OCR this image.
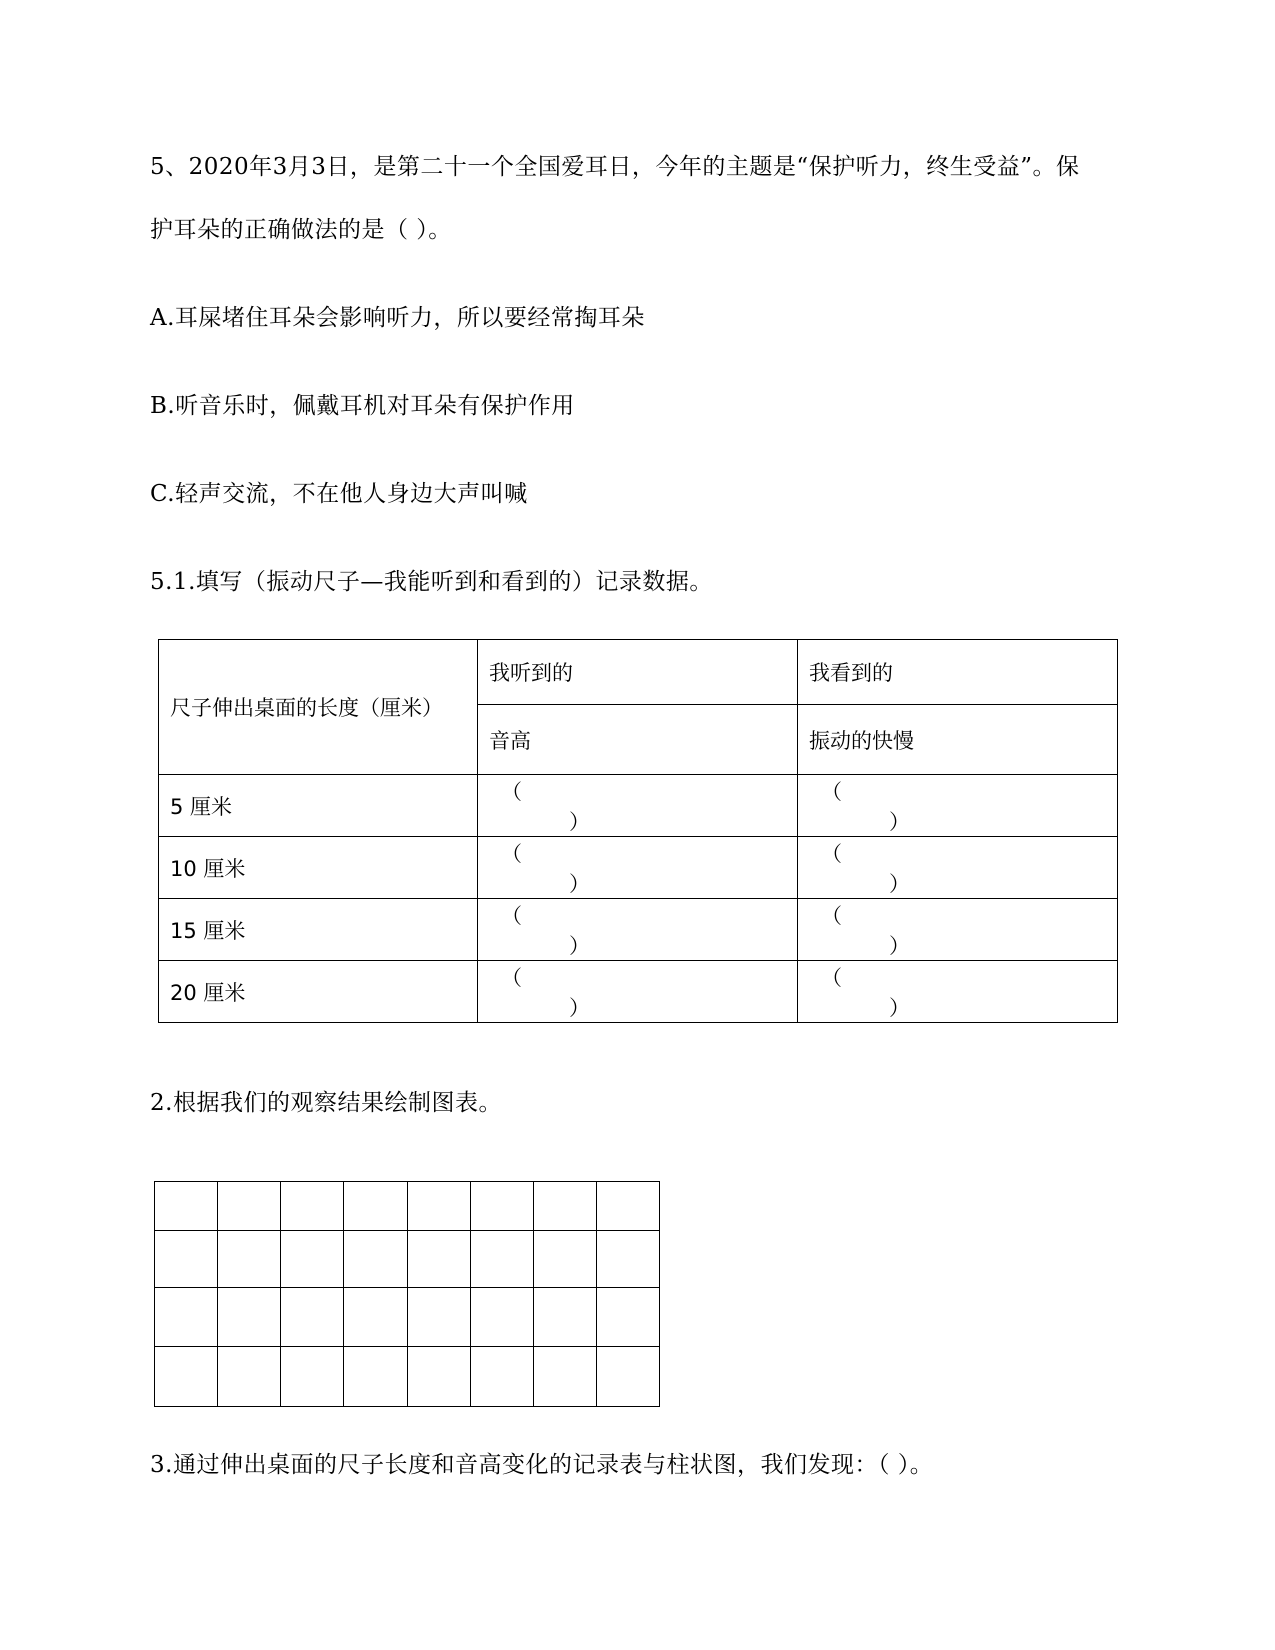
5、2020年3月3日，是第二十一个全国爱耳日，今年的主题是“保护听力，终生受益”。保
护耳朵的正确做法的是（ ）。
A.耳屎堵住耳朵会影响听力，所以要经常掏耳朵
B.听音乐时，佩戴耳机对耳朵有保护作用
C.轻声交流，不在他人身边大声叫喊
5.1.填写（振动尺子—我能听到和看到的）记录数据。
尺子伸出桌面的长度（厘米）	我听到的	我看到的
	音高	振动的快慢
5 厘米	（）	（）
10 厘米	（）	（）
15 厘米	（）	（）
20 厘米	（）	（）
2.根据我们的观察结果绘制图表。

3.通过伸出桌面的尺子长度和音高变化的记录表与柱状图，我们发现：（ ）。
